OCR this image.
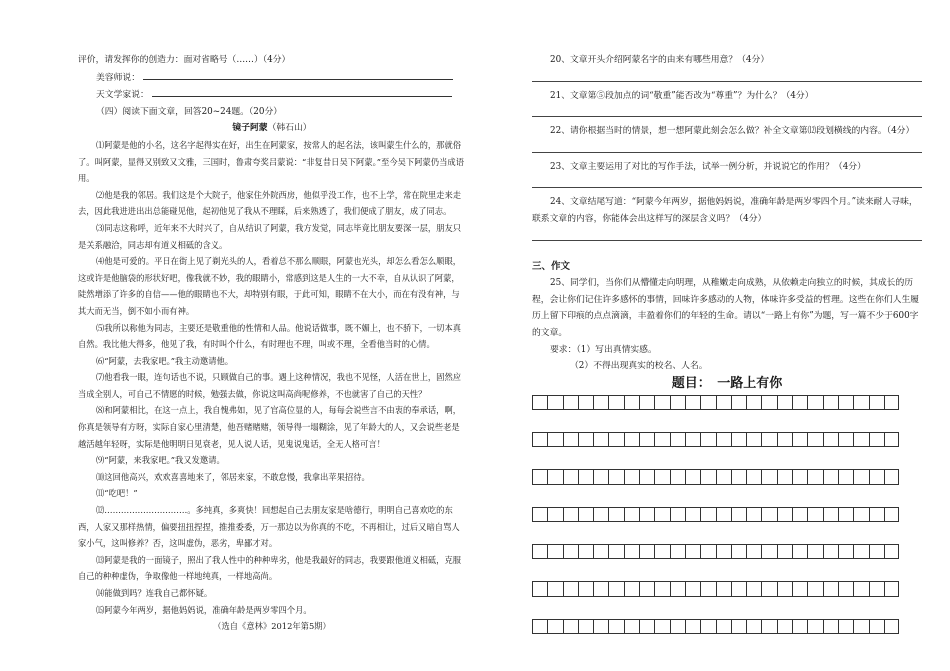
评价，请发挥你的创造力：面对省略号（……）（4分）
美容师说：
天文学家说：
（四）阅读下面文章，回答20~24题。（20分）
镜子阿蒙（韩石山）
⑴阿蒙是他的小名，这名字起得实在好，出生在阿蒙家，按常人的起名法，该叫蒙生什么的，那就俗了。叫阿蒙，显得又别致又文雅，三国时，鲁肃夸奖吕蒙说：“非复昔日吴下阿蒙。”至今吴下阿蒙仍当成语用。
⑵他是我的邻居。我们这是个大院子，他家住外院西房，他似乎没工作，也不上学，常在院里走来走去，因此我进进出出总能碰见他，起初他见了我从不理睬，后来熟透了，我们便成了朋友，成了同志。
⑶同志这称呼，近年来不大时兴了，自从结识了阿蒙，我方发觉，同志毕竟比朋友要深一层，朋友只是关系融洽，同志却有道义相砥的含义。
⑷他是可爱的。平日在街上见了剃光头的人，看着总不那么顺眼，阿蒙也光头，却怎么看怎么顺眼，这或许是他脑袋的形状好吧，像我就不妙，我的眼睛小，常感到这是人生的一大不幸，自从认识了阿蒙，陡然增添了许多的自信——他的眼睛也不大，却特别有眼，于此可知，眼睛不在大小，而在有没有神，与其大而无当，倒不如小而有神。
⑸我所以称他为同志，主要还是敬重他的性情和人品。他说话做事，既不媚上，也不骄下，一切本真自然。我比他大得多，他见了我，有时叫个什么，有时理也不理，叫或不理，全看他当时的心情。
⑹“阿蒙，去我家吧。”我主动邀请他。
⑺他看我一眼，连句话也不说，只顾做自己的事。遇上这种情况，我也不见怪，人活在世上，固然应当成全别人，可自己不情愿的时候，勉强去做，你说这叫高尚呢修养，不也就害了自己的天性？
⑻和阿蒙相比，在这一点上，我自愧弗如，见了官高位显的人，每每会说些言不由衷的奉承话，啊，你真是领导有方呀，实际自家心里清楚，他吾赌赌赌，领导得一塌糊涂，见了年龄大的人，又会说些老是越活越年轻呀，实际是他明明日见衰老，见人说人话，见鬼说鬼话，全无人格可言！
⑼“阿蒙，来我家吧。”我又发邀请。
⑽这回他高兴，欢欢喜喜地来了，邻居来家，不敢怠慢，我拿出苹果招待。
⑾“吃吧！”
⑿…………………………。多纯真，多爽快！回想起自己去朋友家是啥德行，明明自己喜欢吃的东西，人家又那样热情，偏要扭扭捏捏，推推委委，万一那边以为你真的不吃，不再相让，过后又暗自骂人家小气，这叫修养？否，这叫虚伪，恶劣，卑鄙才对。
⒀阿蒙是我的一面镜子，照出了我人性中的种种卑劣，他是我最好的同志，我要跟他道义相砥，克服自己的种种虚伪，争取像他一样地纯真，一样地高尚。
⒁能做到吗？连我自己都怀疑。
⒂阿蒙今年两岁，据他妈妈说，准确年龄是两岁零四个月。
（选自《意林》2012年第5期）
20、文章开头介绍阿蒙名字的由来有哪些用意？（4分）
21、文章第⑤段加点的词“敬重”能否改为“尊重”？为什么？（4分）
22、请你根据当时的情景，想一想阿蒙此刻会怎么做？补全文章第⑿段划横线的内容。（4分）
23、文章主要运用了对比的写作手法，试举一例分析，并说说它的作用？（4分）
24、文章结尾写道：“阿蒙今年两岁，据他妈妈说，准确年龄是两岁零四个月。”读来耐人寻味，联系文章的内容，你能体会出这样写的深层含义吗？（4分）
三、作文
25、同学们，当你们从懵懂走向明理，从稚嫩走向成熟，从依赖走向独立的时候，其成长的历程，会让你们记住许多感怀的事情，回味许多感动的人物，体味许多受益的哲理。这些在你们人生履历上留下印痕的点点滴滴，丰盈着你们的年轻的生命。请以“一路上有你”为题，写一篇不少于600字的文章。
要求：（1）写出真情实感。
（2）不得出现真实的校名、人名。
题目：　一路上有你
